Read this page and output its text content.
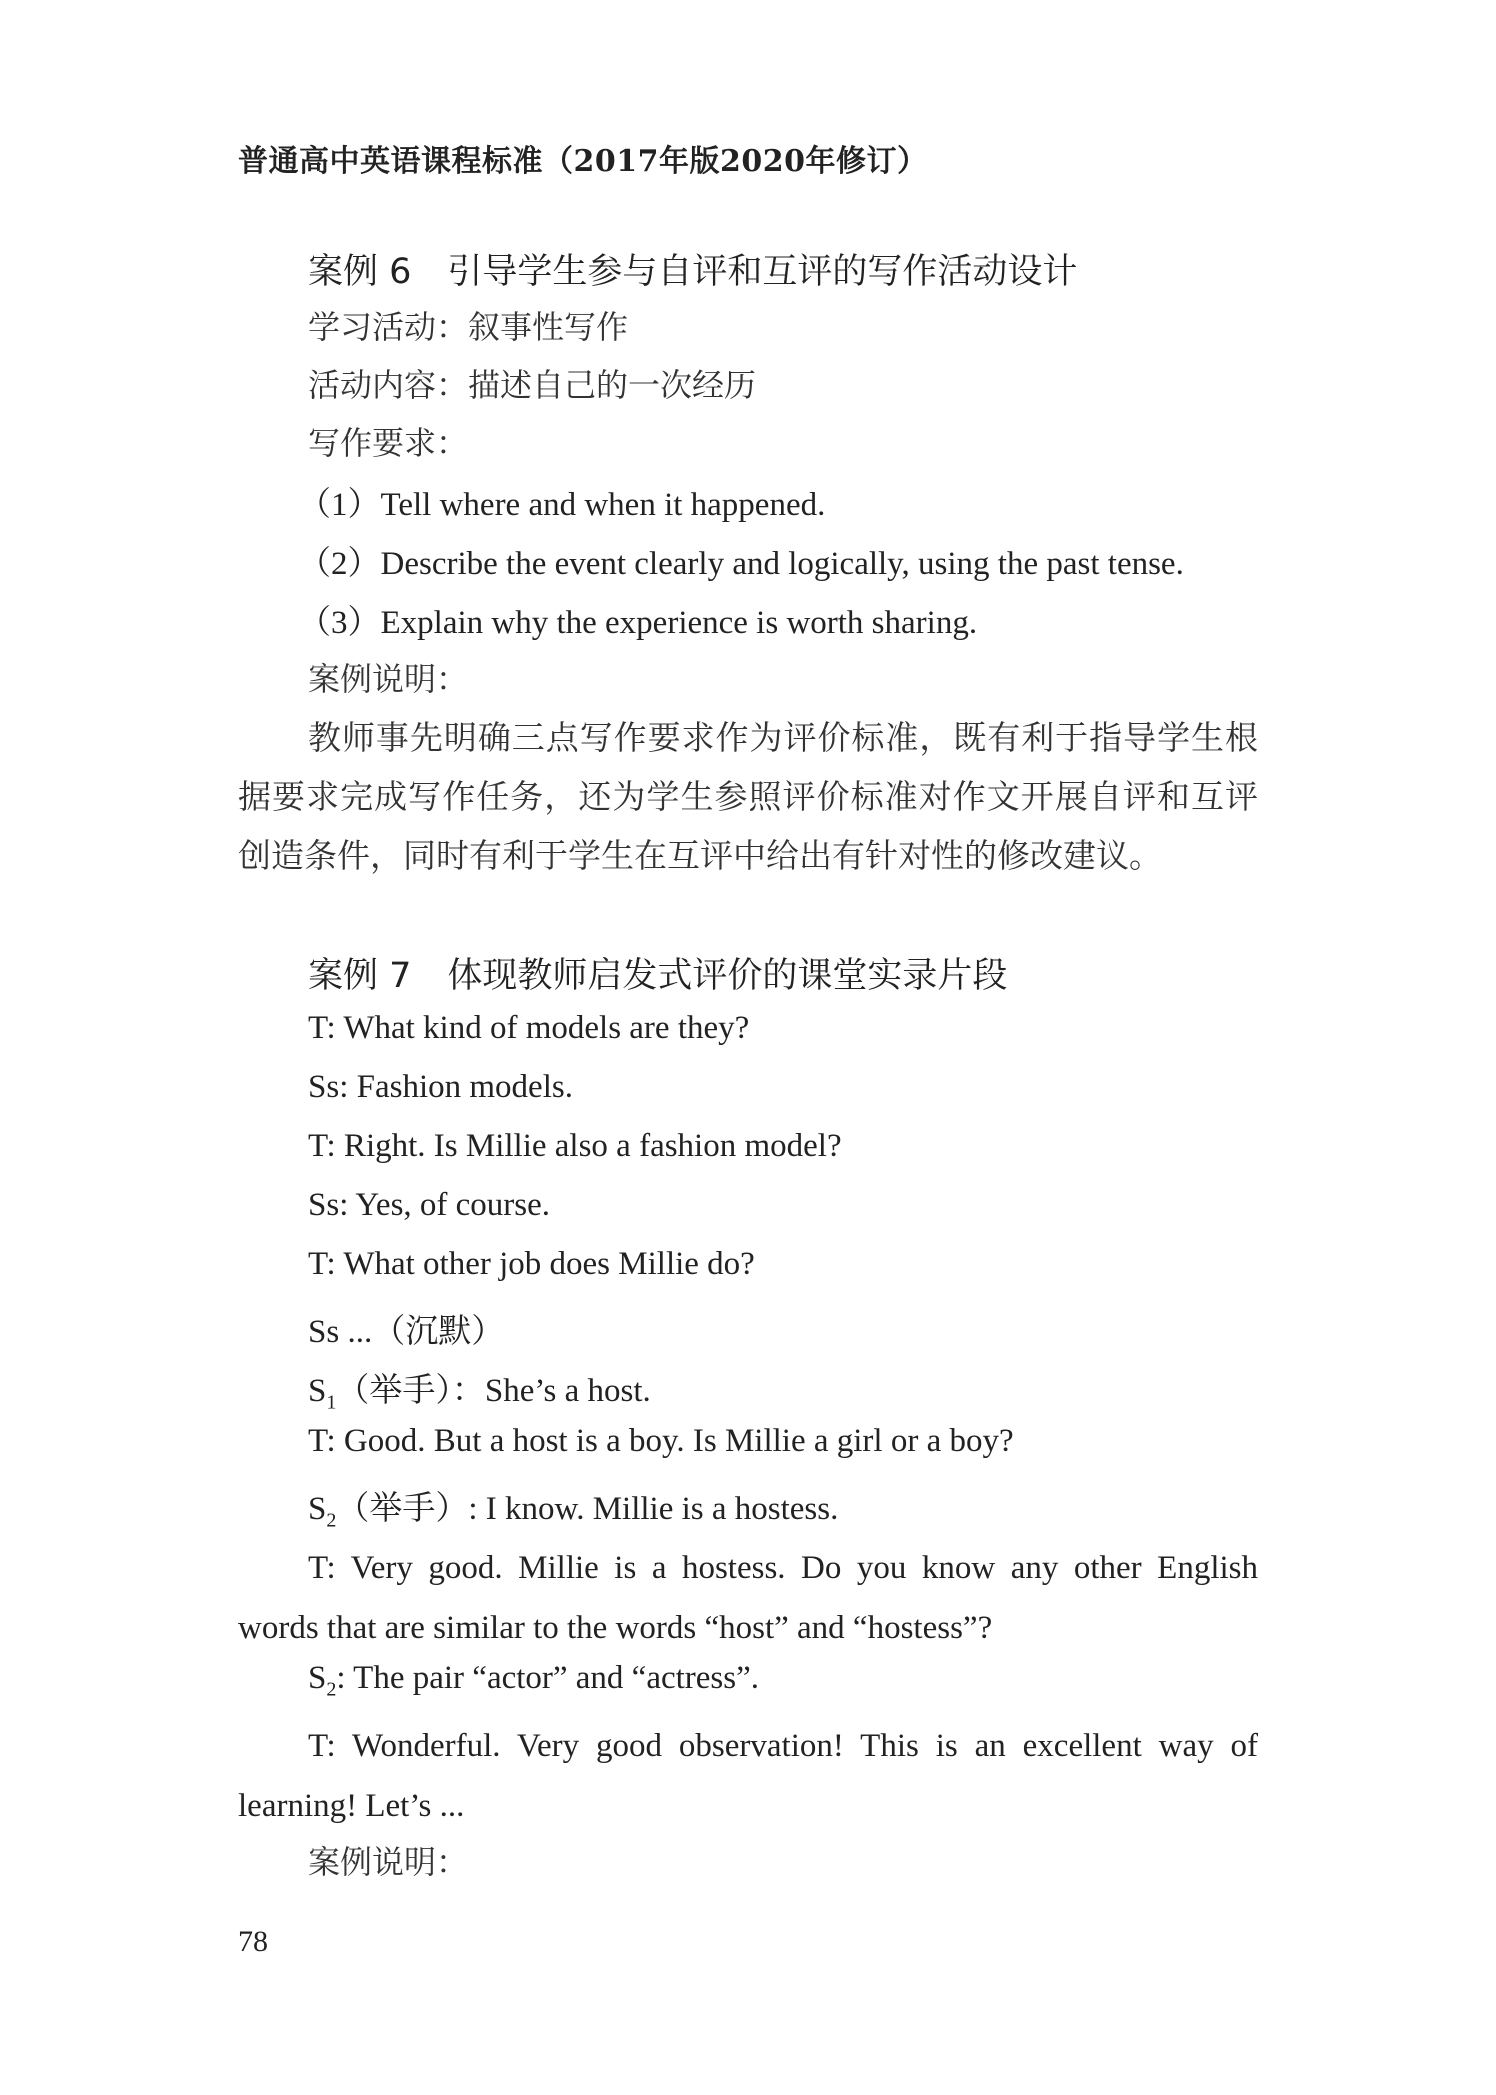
普通高中英语课程标准（2017年版2020年修订）
案例 6 引导学生参与自评和互评的写作活动设计
学习活动：叙事性写作
活动内容：描述自己的一次经历
写作要求：
（1）Tell where and when it happened.
（2）Describe the event clearly and logically, using the past tense.
（3）Explain why the experience is worth sharing.
案例说明：
教师事先明确三点写作要求作为评价标准，既有利于指导学生根据要求完成写作任务，还为学生参照评价标准对作文开展自评和互评创造条件，同时有利于学生在互评中给出有针对性的修改建议。
案例 7 体现教师启发式评价的课堂实录片段
T: What kind of models are they?
Ss: Fashion models.
T: Right. Is Millie also a fashion model?
Ss: Yes, of course.
T: What other job does Millie do?
Ss ...（沉默）
$S_1$（举手）：She’s a host.
T: Good. But a host is a boy. Is Millie a girl or a boy?
$S_2$（举手）: I know. Millie is a hostess.
T: Very good. Millie is a hostess. Do you know any other English words that are similar to the words “host” and “hostess”?
$S_2$: The pair “actor” and “actress”.
T: Wonderful. Very good observation! This is an excellent way of learning! Let’s ...
案例说明：
78
